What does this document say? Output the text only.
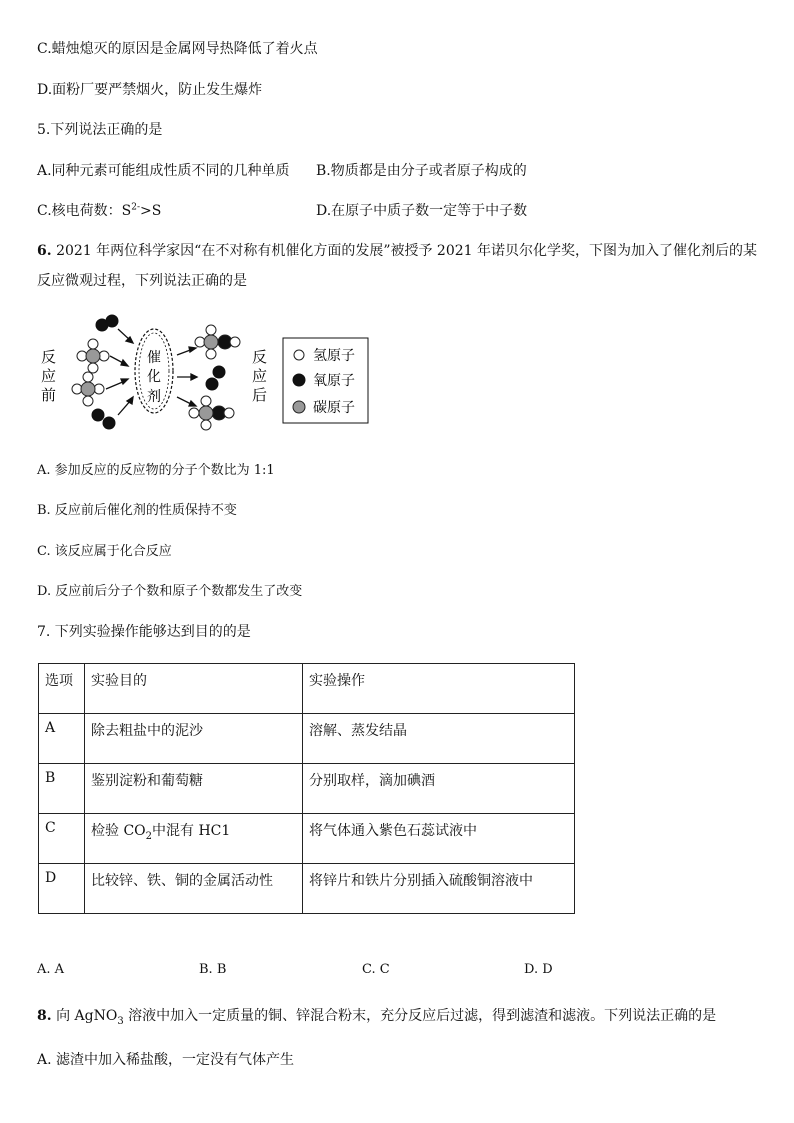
C.蜡烛熄灭的原因是金属网导热降低了着火点
D.面粉厂要严禁烟火，防止发生爆炸
5.下列说法正确的是
A.同种元素可能组成性质不同的几种单质 B.物质都是由分子或者原子构成的
C.核电荷数：$S^{2-}>S$	D.在原子中质子数一定等于中子数
6. 2021 年两位科学家因“在不对称有机催化方面的发展”被授予 2021 年诺贝尔化学奖，下图为加入了催化剂后的某
反应微观过程，下列说法正确的是
反
应
前
催
化
剂
反
应
后
氢原子
氧原子
碳原子
A. 参加反应的反应物的分子个数比为 1:1
B. 反应前后催化剂的性质保持不变
C. 该反应属于化合反应
D. 反应前后分子个数和原子个数都发生了改变
7. 下列实验操作能够达到目的的是
选项	实验目的	实验操作
A	除去粗盐中的泥沙	溶解、蒸发结晶
B	鉴别淀粉和葡萄糖	分别取样，滴加碘酒
C	检验 $CO_2$中混有 HC1	将气体通入紫色石蕊试液中
D	比较锌、铁、铜的金属活动性	将锌片和铁片分别插入硫酸铜溶液中
A. A	B. B	C. C	D. D
8. 向 AgNO$_3$ 溶液中加入一定质量的铜、锌混合粉末，充分反应后过滤，得到滤渣和滤液。下列说法正确的是
A. 滤渣中加入稀盐酸，一定没有气体产生
